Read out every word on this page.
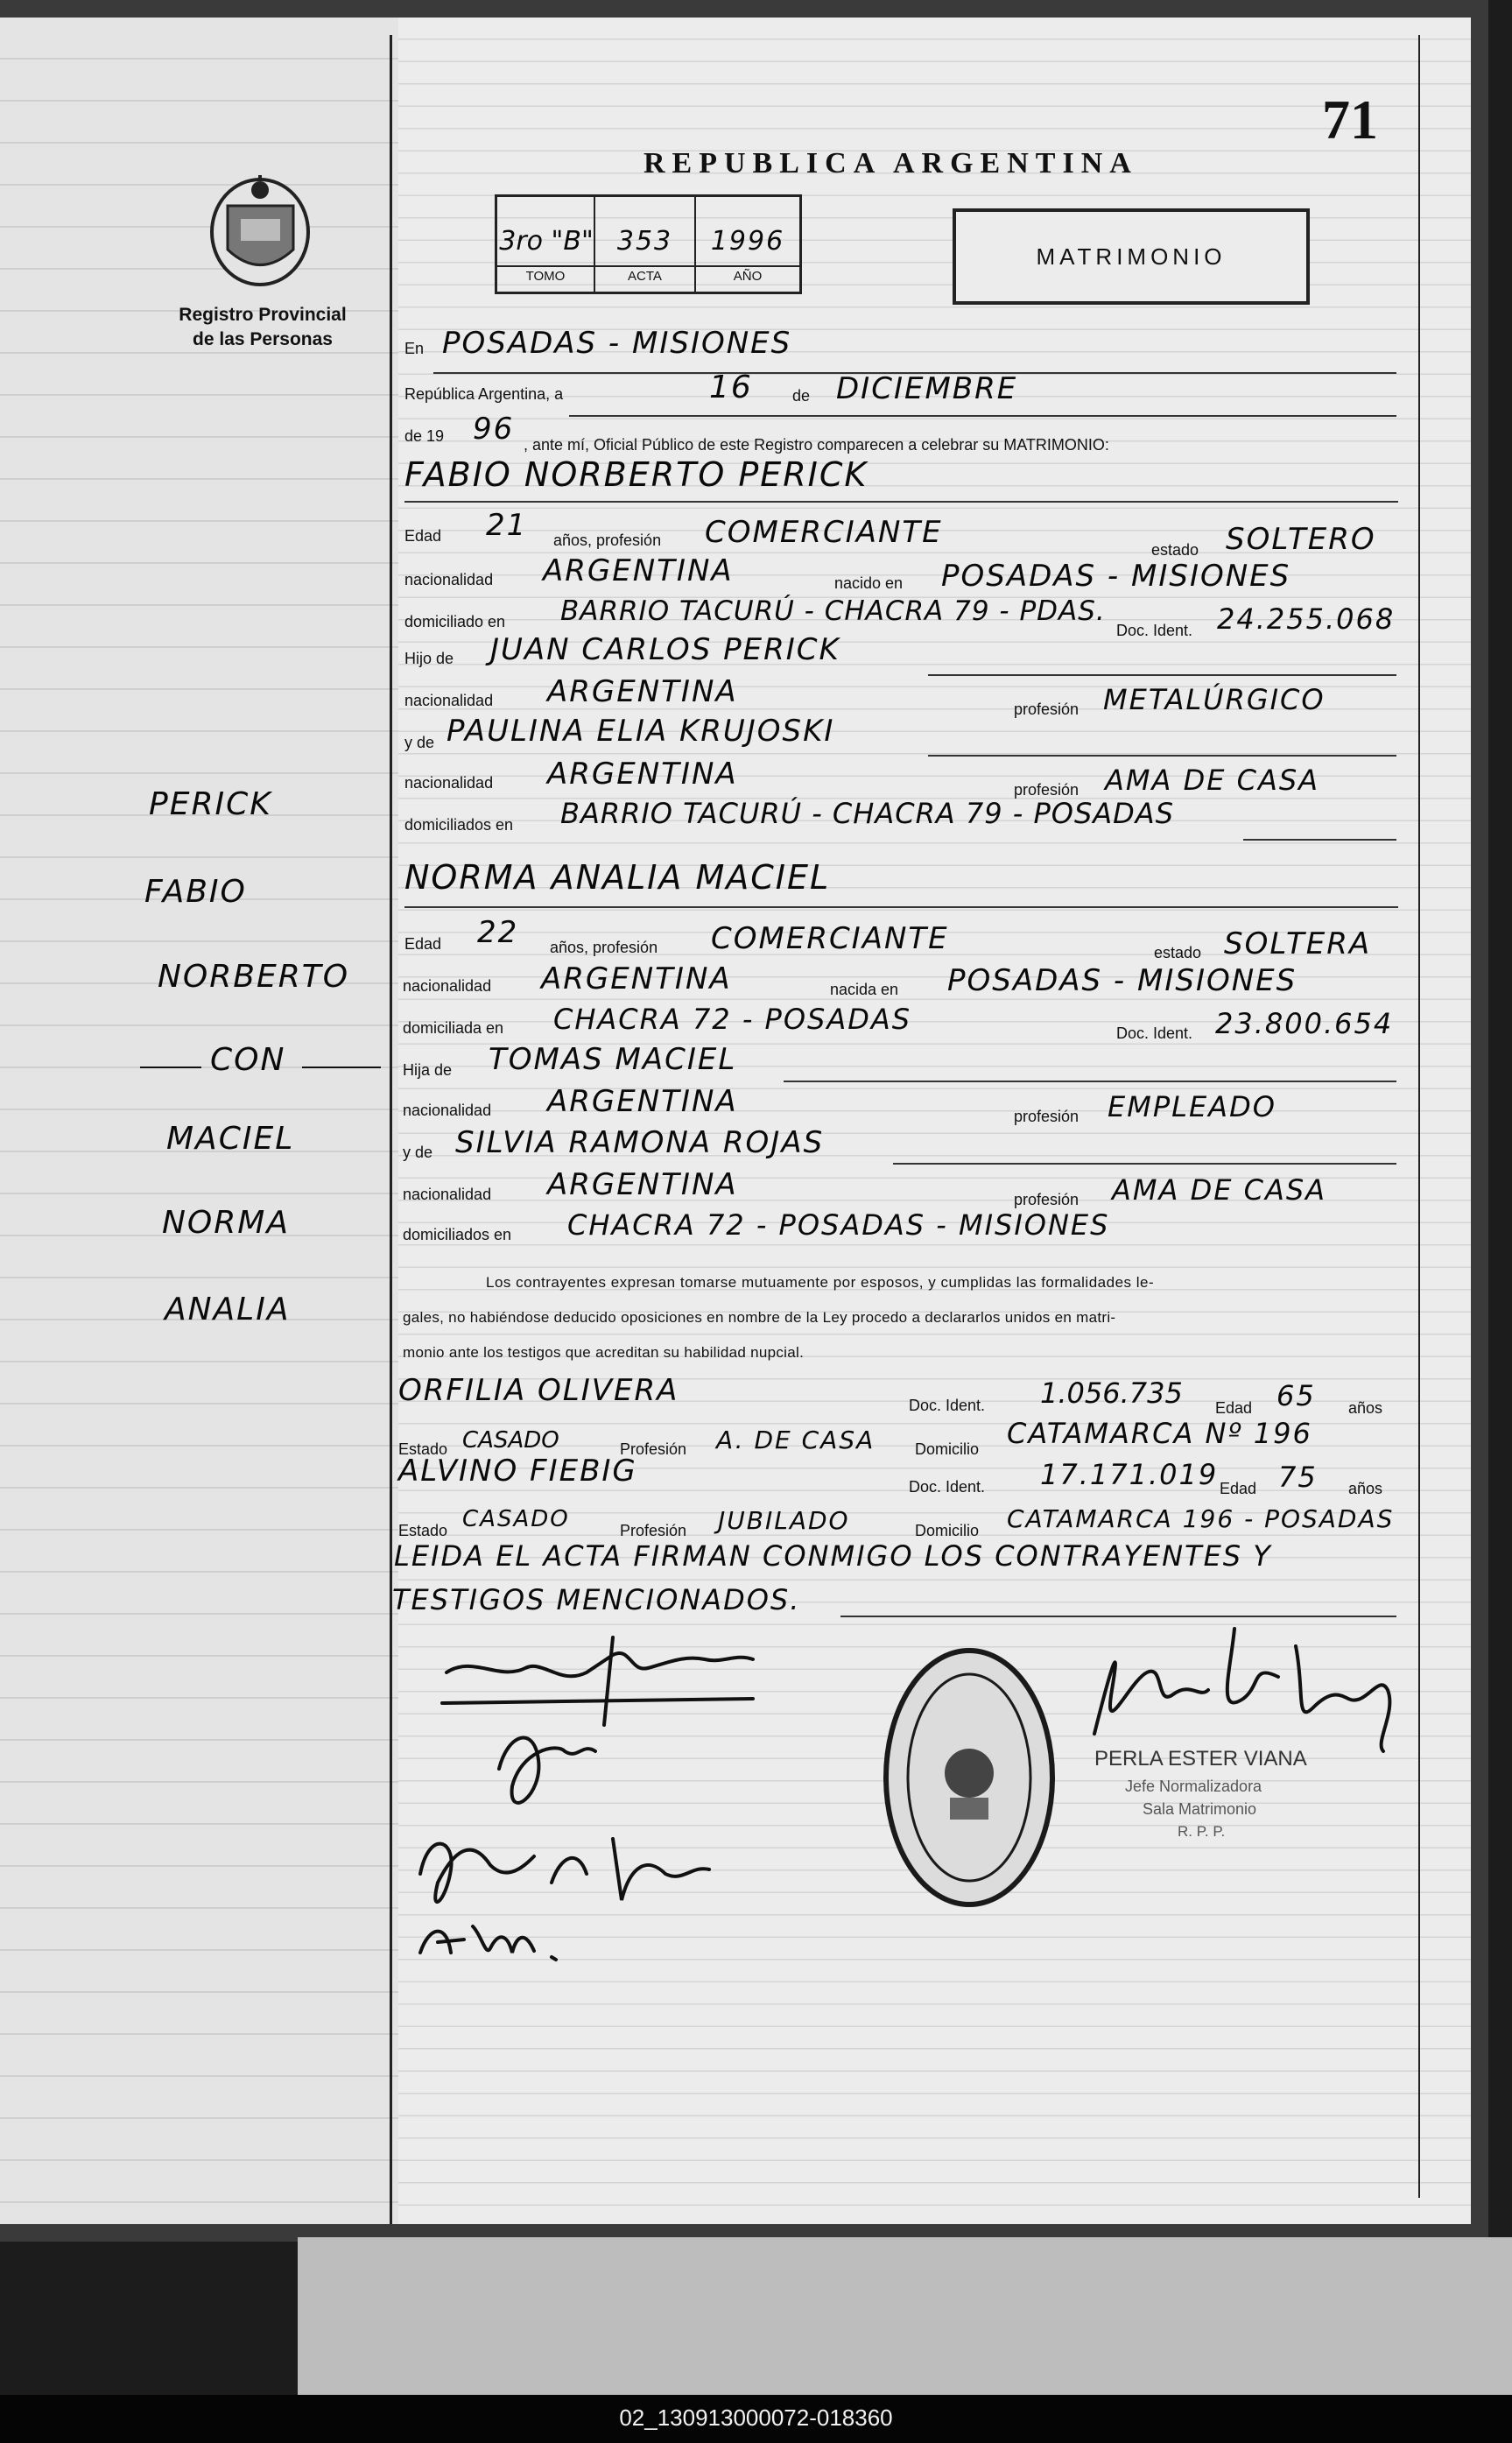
71
Registro Provincial
de las Personas
REPUBLICA ARGENTINA
3ro "B" 353	1996
TOMO	ACTA	AÑO
MATRIMONIO
En POSADAS - MISIONES
República Argentina, a	16	de DICIEMBRE
de 19 96 , ante mí, Oficial Público de este Registro comparecen a celebrar su MATRIMONIO:
FABIO NORBERTO PERICK
Edad 21 años, profesión COMERCIANTE	estado SOLTERO
nacionalidad ARGENTINA	nacido en POSADAS - MISIONES
domiciliado en BARRIO TACURÚ - CHACRA 79 - PDAS.
Doc. Ident. 24.255.068
Hijo de JUAN CARLOS PERICK
nacionalidad ARGENTINA	profesión METALÚRGICO
y de PAULINA ELIA KRUJOSKI
nacionalidad ARGENTINA	profesión AMA DE CASA
domiciliados en BARRIO TACURÚ - CHACRA 79 - POSADAS
NORMA ANALIA MACIEL
Edad 22 años, profesión COMERCIANTE	estado SOLTERA
nacionalidad ARGENTINA	nacida en POSADAS - MISIONES
domiciliada en CHACRA 72 - POSADAS	Doc. Ident. 23.800.654
Hija de TOMAS MACIEL
nacionalidad ARGENTINA	profesión EMPLEADO
y de SILVIA RAMONA ROJAS
nacionalidad ARGENTINA	profesión AMA DE CASA
domiciliados en CHACRA 72 - POSADAS - MISIONES
Los contrayentes expresan tomarse mutuamente por esposos, y cumplidas las formalidades le-
gales, no habiéndose deducido oposiciones en nombre de la Ley procedo a declararlos unidos en matri-
monio ante los testigos que acreditan su habilidad nupcial.
ORFILIA OLIVERA	Doc. Ident. 1.056.735 Edad 65 años
Estado CASADO	Profesión A. DE CASA	Domicilio CATAMARCA Nº 196
ALVINO FIEBIG	Doc. Ident. 17.171.019 Edad 75 años
Estado CASADO	Profesión JUBILADO	Domicilio CATAMARCA 196 - POSADAS
LEIDA EL ACTA FIRMAN CONMIGO LOS CONTRAYENTES Y
TESTIGOS MENCIONADOS.
PERICK
FABIO
NORBERTO
CON
MACIEL
NORMA
ANALIA
PERLA ESTER VIANA
Jefe Normalizadora
Sala Matrimonio
R. P. P.
02_130913000072-018360
